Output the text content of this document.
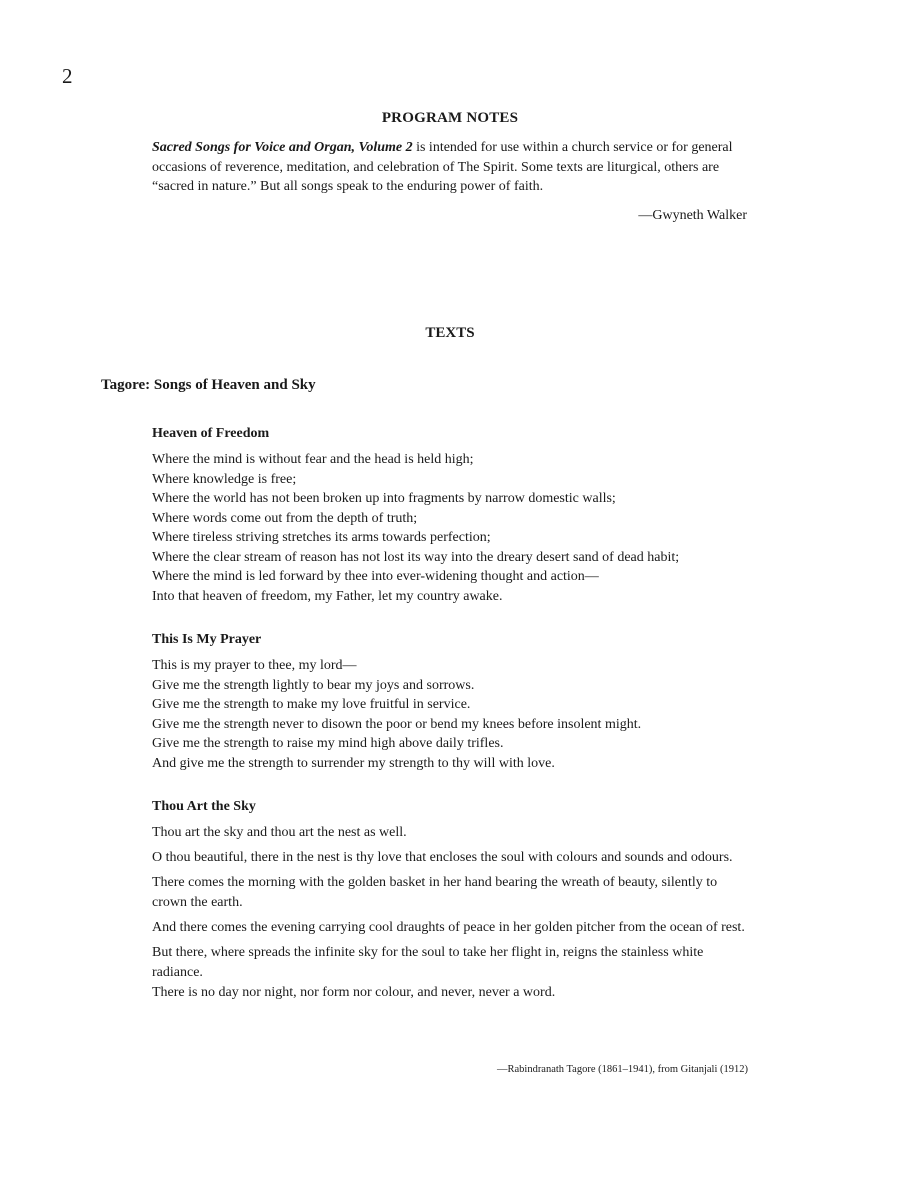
2
PROGRAM NOTES
Sacred Songs for Voice and Organ, Volume 2 is intended for use within a church service or for general occasions of reverence, meditation, and celebration of The Spirit. Some texts are liturgical, others are “sacred in nature.” But all songs speak to the enduring power of faith.
—Gwyneth Walker
TEXTS
Tagore: Songs of Heaven and Sky
Heaven of Freedom
Where the mind is without fear and the head is held high;
Where knowledge is free;
Where the world has not been broken up into fragments by narrow domestic walls;
Where words come out from the depth of truth;
Where tireless striving stretches its arms towards perfection;
Where the clear stream of reason has not lost its way into the dreary desert sand of dead habit;
Where the mind is led forward by thee into ever-widening thought and action—
Into that heaven of freedom, my Father, let my country awake.
This Is My Prayer
This is my prayer to thee, my lord—
Give me the strength lightly to bear my joys and sorrows.
Give me the strength to make my love fruitful in service.
Give me the strength never to disown the poor or bend my knees before insolent might.
Give me the strength to raise my mind high above daily trifles.
And give me the strength to surrender my strength to thy will with love.
Thou Art the Sky
Thou art the sky and thou art the nest as well.
O thou beautiful, there in the nest is thy love that encloses the soul with colours and sounds and odours.
There comes the morning with the golden basket in her hand bearing the wreath of beauty, silently to crown the earth.
And there comes the evening carrying cool draughts of peace in her golden pitcher from the ocean of rest.
But there, where spreads the infinite sky for the soul to take her flight in, reigns the stainless white radiance.
There is no day nor night, nor form nor colour, and never, never a word.
—Rabindranath Tagore (1861–1941), from Gitanjali (1912)
